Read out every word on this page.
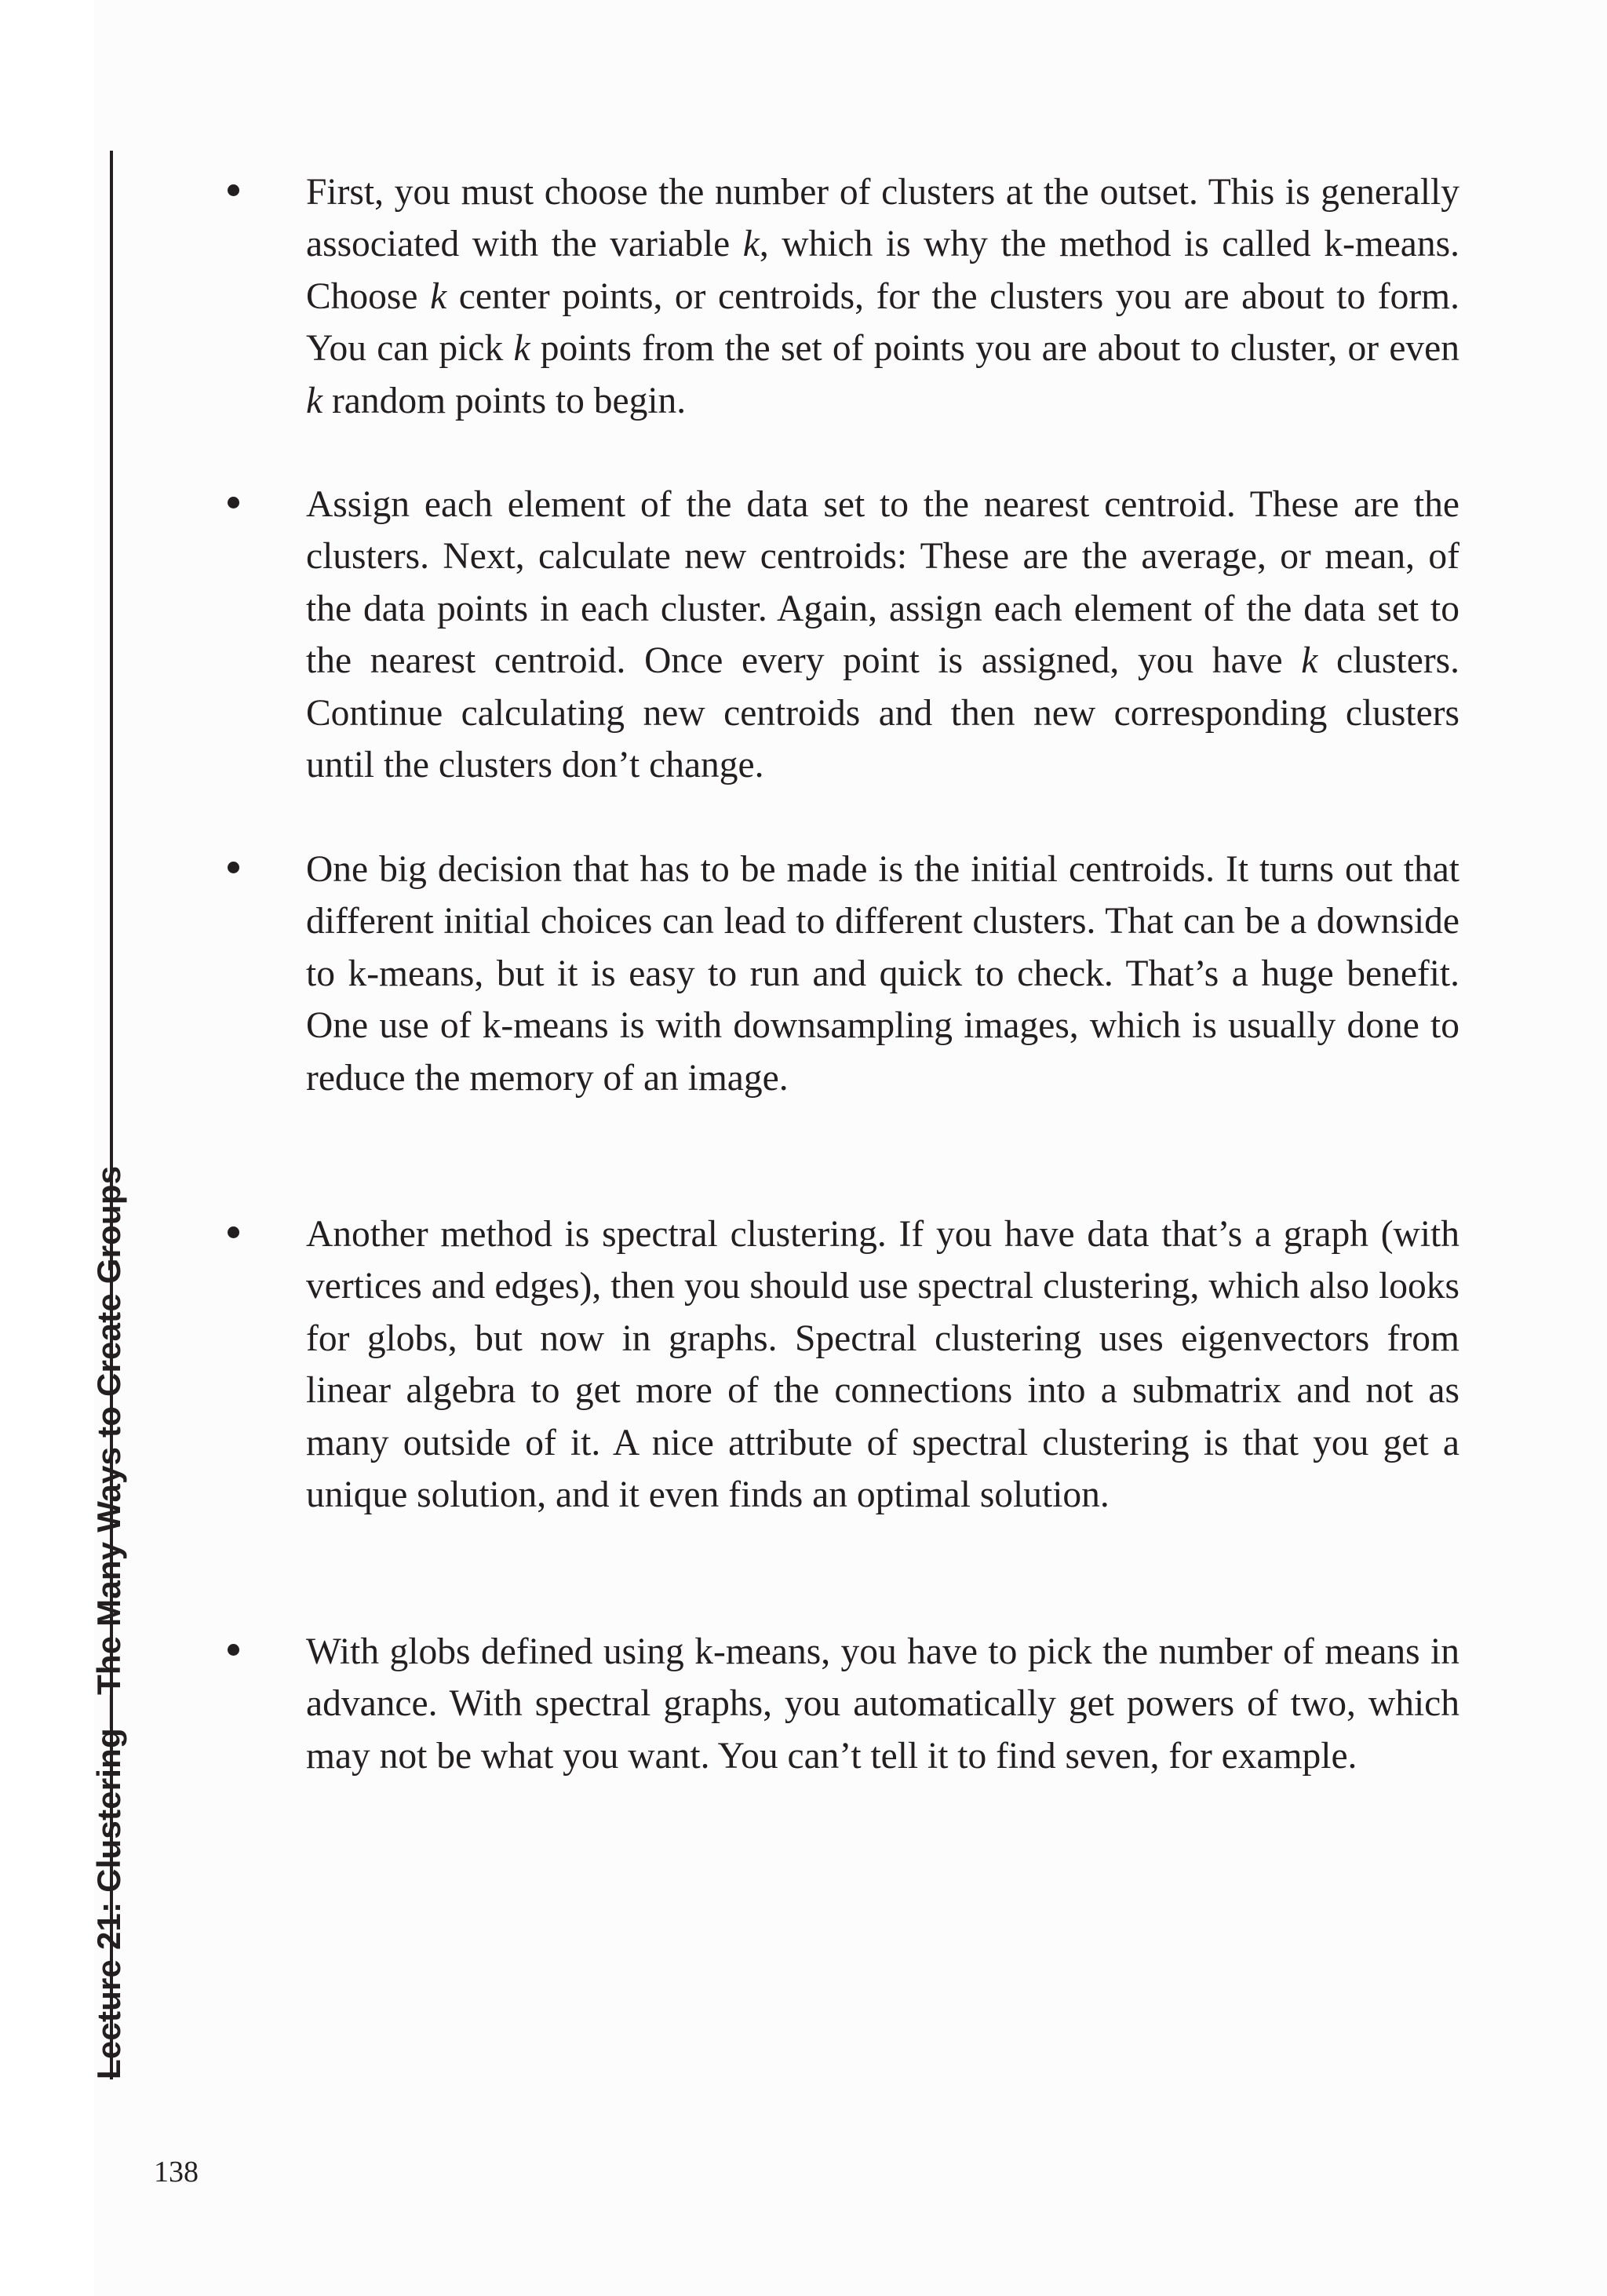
Lecture 21: Clustering—The Many Ways to Create Groups

First, you must choose the number of clusters at the outset. This is generally associated with the variable k, which is why the method is called k-means. Choose k center points, or centroids, for the clusters you are about to form. You can pick k points from the set of points you are about to cluster, or even k random points to begin.

Assign each element of the data set to the nearest centroid. These are the clusters. Next, calculate new centroids: These are the average, or mean, of the data points in each cluster. Again, assign each element of the data set to the nearest centroid. Once every point is assigned, you have k clusters. Continue calculating new centroids and then new corresponding clusters until the clusters don’t change.

One big decision that has to be made is the initial centroids. It turns out that different initial choices can lead to different clusters. That can be a downside to k-means, but it is easy to run and quick to check. That’s a huge benefit. One use of k-means is with downsampling images, which is usually done to reduce the memory of an image.

Another method is spectral clustering. If you have data that’s a graph (with vertices and edges), then you should use spectral clustering, which also looks for globs, but now in graphs. Spectral clustering uses eigenvectors from linear algebra to get more of the connections into a submatrix and not as many outside of it. A nice attribute of spectral clustering is that you get a unique solution, and it even finds an optimal solution.

With globs defined using k-means, you have to pick the number of means in advance. With spectral graphs, you automatically get powers of two, which may not be what you want. You can’t tell it to find seven, for example.

138
